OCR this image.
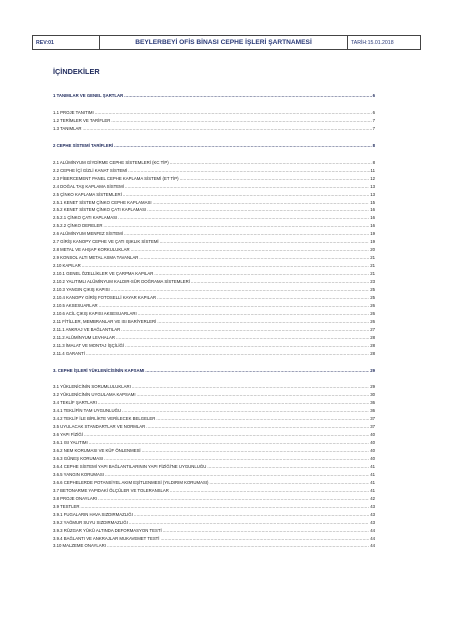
REV:01	BEYLERBEYİ OFİS BİNASI CEPHE İŞLERİ ŞARTNAMESİ	TARİH:15.01.2018
İÇİNDEKİLER
1 TANIMLAR VE GENEL ŞARTLAR .....	6
1.1 PROJE TANITIMI .....	6
1.2 TERİMLER VE TARİFLER .....	7
1.3 TANIMLAR .....	7
2 CEPHE SİSTEMİ TARİFLERİ .....	8
2.1 ALÜMİNYUM GİYDİRME CEPHE SİSTEMLERİ (KC TİP) .....	8
2.2 CEPHE İÇİ GİZLİ KANAT SİSTEMİ .....	11
2.3 FİBERCEMENT PANEL CEPHE KAPLAMA SİSTEMİ (ET TİP) .....	12
2.4 DOĞAL TAŞ KAPLAMA SİSTEMİ .....	13
2.5 ÇİNKO KAPLAMA SİSTEMLERİ .....	13
2.5.1 KENET SİSTEM ÇİNKO CEPHE KAPLAMASI .....	15
2.5.2 KENET SİSTEM ÇİNKO ÇATI KAPLAMASI .....	16
2.5.2.1 ÇİNKO ÇATI KAPLAMASI .....	16
2.5.2.2 ÇİNKO DERELER .....	16
2.6 ALÜMİNYUM MENFEZ SİSTEMİ .....	19
2.7 GİRİŞ KANOPY CEPHE VE ÇATI IŞIKLIK SİSTEMİ .....	19
2.8 METAL VE AHŞAP KORKULUKLAR .....	20
2.9 KONSOL ALTI METAL ASMA TAVANLAR .....	21
2.10 KAPILAR .....	21
2.10.1 GENEL ÖZELLİKLER VE ÇARPMA KAPILAR .....	21
2.10.2 YALITIMLI ALÜMİNYUM KALDIR-SÜR DOĞRAMA SİSTEMLERİ .....	23
2.10.3 YANGIN ÇIKIŞ KAPISI .....	25
2.10.4 KANOPY GİRİŞ FOTOSELLİ KAYAR KAPILAR .....	25
2.10.5 AKSESUARLAR .....	26
2.10.6 ACİL ÇIKIŞ KAPISI AKSESUARLARI .....	26
2.11 FİTİLLER, MEMBRANLAR VE ISI BARİYERLERİ .....	26
2.11.1 ANKRAJ VE BAĞLANTILAR .....	27
2.11.2 ALÜMİNYUM LEVHALAR .....	28
2.11.3 İMALAT VE MONTAJ İŞÇİLİĞİ .....	28
2.11.4 GARANTİ .....	28
3. CEPHE İŞLERİ YÜKLENİCİSİNİN KAPSAMI .....	29
3.1 YÜKLENİCİNİN SORUMLULUKLARI .....	29
3.2 YÜKLENİCİNİN UYGULAMA KAPSAMI .....	30
3.4 TEKLİF ŞARTLARI .....	36
3.4.1 TEKLİFİN TAM UYGUNLUĞU .....	36
3.4.2 TEKLİF İLE BİRLİKTE VERİLECEK BELGELER .....	37
3.5 UYULACAK STANDARTLAR VE NORMLAR .....	37
3.6 YAPI FİZİĞİ .....	40
3.6.1 ISI YALITIMI .....	40
3.6.2 NEM KORUMASI VE KÜF ÖNLENMESİ .....	40
3.6.3 GÜNEŞ KORUMASI .....	40
3.6.4 CEPHE SİSTEMİ YAPI BAĞLANTILARININ YAPI FİZİĞİ'NE UYGUNLUĞU .....	41
3.6.5 YANGIN KORUMASI .....	41
3.6.6 CEPHELERDE POTANSİYEL AKIM EŞİTLENMESİ (YILDIRIM KORUMASI) .....	41
3.7 BETONARME YAPIDAKİ ÖLÇÜLER VE TOLERANSLAR .....	41
3.8 PROJE ONAYLARI .....	42
3.9 TESTLER .....	43
3.9.1 FUGALARIN HAVA SIZDIRMAZLIĞI .....	43
3.9.2 YAĞMUR SUYU SIZDIRMAZLIĞI .....	43
3.9.3 RÜZGAR YÜKÜ ALTINDA DEFORMASYON TESTİ .....	44
3.9.4 BAĞLANTI VE ANKRAJLAR MUKAVEMET TESTİ .....	44
3.10 MALZEME ONAYLARI .....	44
